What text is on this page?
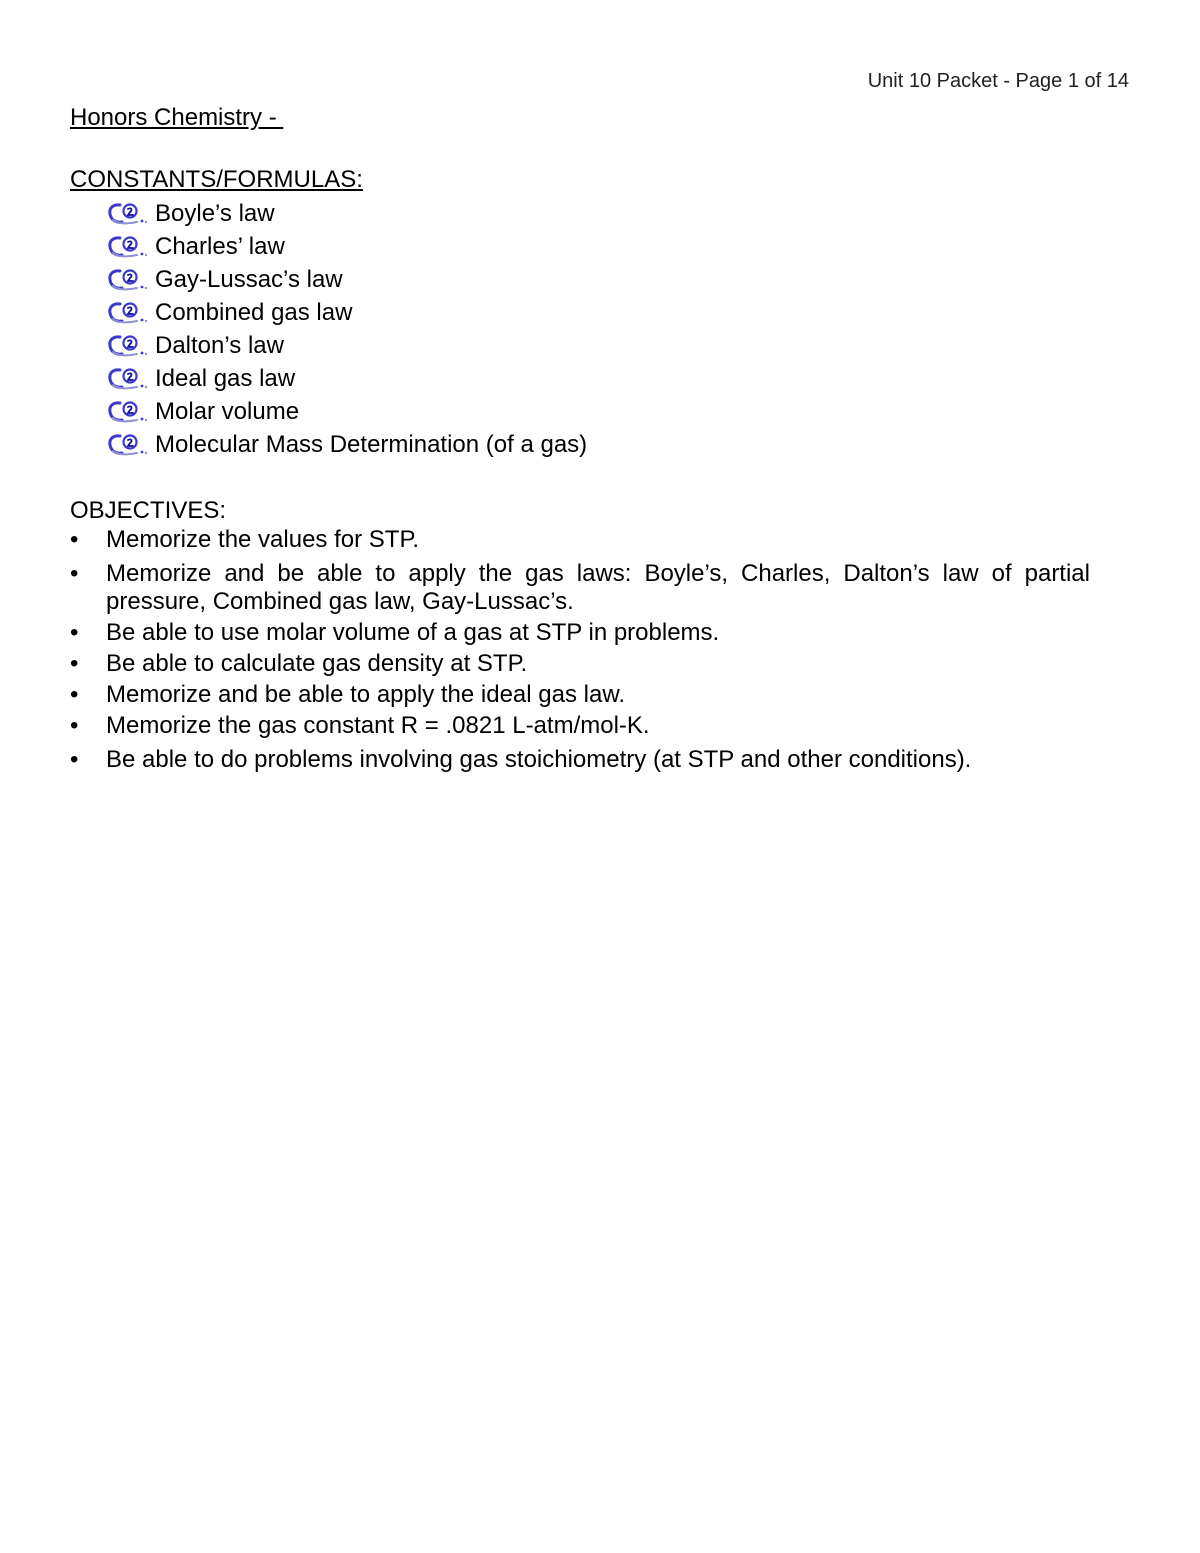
Unit 10 Packet - Page 1 of 14
Honors Chemistry -
CONSTANTS/FORMULAS:
Boyle’s law
Charles’ law
Gay-Lussac’s law
Combined gas law
Dalton’s law
Ideal gas law
Molar volume
Molecular Mass Determination (of a gas)
OBJECTIVES:
• Memorize the values for STP.
• Memorize and be able to apply the gas laws: Boyle’s, Charles, Dalton’s law of partial pressure, Combined gas law, Gay-Lussac’s.
• Be able to use molar volume of a gas at STP in problems.
• Be able to calculate gas density at STP.
• Memorize and be able to apply the ideal gas law.
• Memorize the gas constant R = .0821 L-atm/mol-K.
• Be able to do problems involving gas stoichiometry (at STP and other conditions).
